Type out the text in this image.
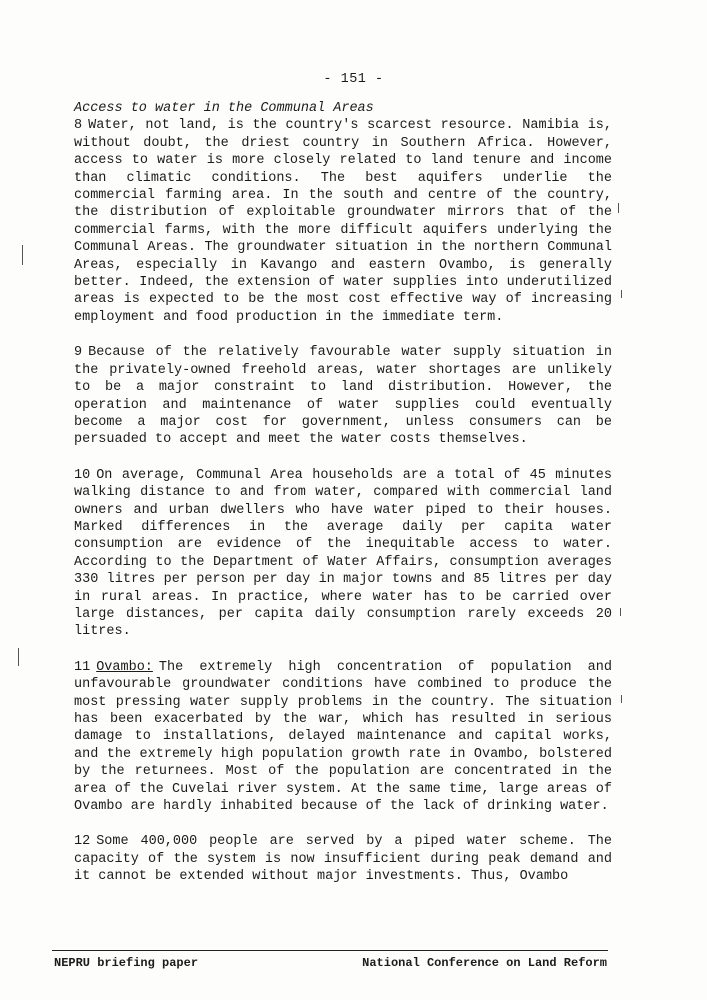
- 151 -

Access to water in the Communal Areas

8 Water, not land, is the country's scarcest resource. Namibia is, without doubt, the driest country in Southern Africa. However, access to water is more closely related to land tenure and income than climatic conditions. The best aquifers underlie the commercial farming area. In the south and centre of the country, the distribution of exploitable groundwater mirrors that of the commercial farms, with the more difficult aquifers underlying the Communal Areas. The groundwater situation in the northern Communal Areas, especially in Kavango and eastern Ovambo, is generally better. Indeed, the extension of water supplies into underutilized areas is expected to be the most cost effective way of increasing employment and food production in the immediate term.

9 Because of the relatively favourable water supply situation in the privately-owned freehold areas, water shortages are unlikely to be a major constraint to land distribution. However, the operation and maintenance of water supplies could eventually become a major cost for government, unless consumers can be persuaded to accept and meet the water costs themselves.

10 On average, Communal Area households are a total of 45 minutes walking distance to and from water, compared with commercial land owners and urban dwellers who have water piped to their houses. Marked differences in the average daily per capita water consumption are evidence of the inequitable access to water. According to the Department of Water Affairs, consumption averages 330 litres per person per day in major towns and 85 litres per day in rural areas. In practice, where water has to be carried over large distances, per capita daily consumption rarely exceeds 20 litres.

11 Ovambo: The extremely high concentration of population and unfavourable groundwater conditions have combined to produce the most pressing water supply problems in the country. The situation has been exacerbated by the war, which has resulted in serious damage to installations, delayed maintenance and capital works, and the extremely high population growth rate in Ovambo, bolstered by the returnees. Most of the population are concentrated in the area of the Cuvelai river system. At the same time, large areas of Ovambo are hardly inhabited because of the lack of drinking water.

12 Some 400,000 people are served by a piped water scheme. The capacity of the system is now insufficient during peak demand and it cannot be extended without major investments. Thus, Ovambo

NEPRU briefing paper	National Conference on Land Reform
